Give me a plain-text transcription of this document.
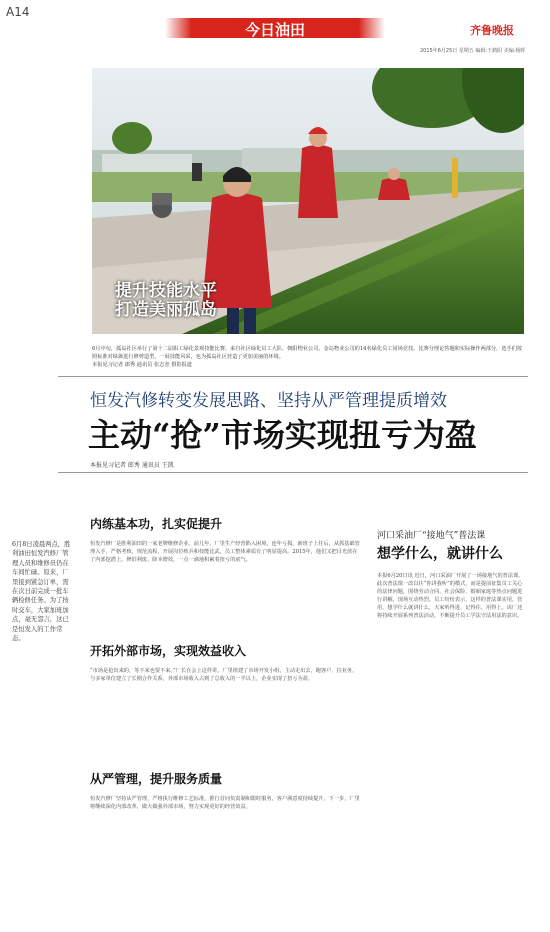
A14
今日油田	齐鲁晚报
2015年6月25日 星期五 编辑:王鹤阳 美编:杨晖
提升技能水平
打造美丽孤岛
6月中旬，孤岛社区举行了第十二届职工绿化景观技能比赛，来自社区绿化员工大队、朝阳物业公司、金岛物业公司的14名绿化员工同场竞技。比赛分理论答题和实际操作两部分，选手们按照标准对绿篱进行修剪造型，一展技能风采，也为孤岛社区营造了更加美丽的环境。
本报见习记者 郎秀 通讯员 张志奎 摄影报道
恒发汽修转变发展思路、坚持从严管理提质增效
主动“抢”市场实现扭亏为盈
本报见习记者 郎秀 通讯员 王凯
6月8日凌晨两点，胜利油田恒发汽修厂管理人员和维修员仍在车间忙碌。原来，厂里接到紧急订单，需在次日前完成一批车辆检修任务。为了按时交车，大家加班加点，毫无怨言，这已是恒发人的工作常态。
内练基本功，扎实促提升
恒发汽修厂是胜利油田的一家老牌维修企业。前几年，厂里生产经营陷入困境，连年亏损。新班子上任后，从抓基础管理入手，严格考核、规范流程，开展岗位练兵和技能比武，员工整体素质有了明显提高。2015年，他们又把目光放在了内部挖潜上，修旧利废、降本增效，一点一滴地积累着扭亏的底气。
开拓外部市场，实现效益收入
“市场是抢出来的，等不来也要不来。”厂长在会上这样讲。厂里组建了市场开发小组，主动走出去，跑客户、拉业务，与多家单位建立了长期合作关系，外部市场收入占到了总收入的一半以上，企业实现了扭亏为盈。
从严管理，提升服务质量
恒发汽修厂坚持从严管理，严格执行维修工艺标准，推行首问负责制和限时服务，客户满意度持续提升。下一步，厂里将继续深化内部改革，做大做强外部市场，努力实现更好的经营效益。
河口采油厂“接地气”普法课
想学什么，就讲什么
本报6月20日讯 近日，河口采油厂开展了一场接地气的普法课。此次普法课一改以往“你讲我听”的模式，而是提前征集员工关心的法律问题，围绕劳动合同、社会保险、婚姻家庭等热点问题进行讲解，现场互动热烈。员工纷纷表示，这样的普法课实用、管用，想学什么就讲什么，大家听得进、记得住、用得上。该厂还将持续开展系列普法活动，不断提升员工学法守法用法的意识。
